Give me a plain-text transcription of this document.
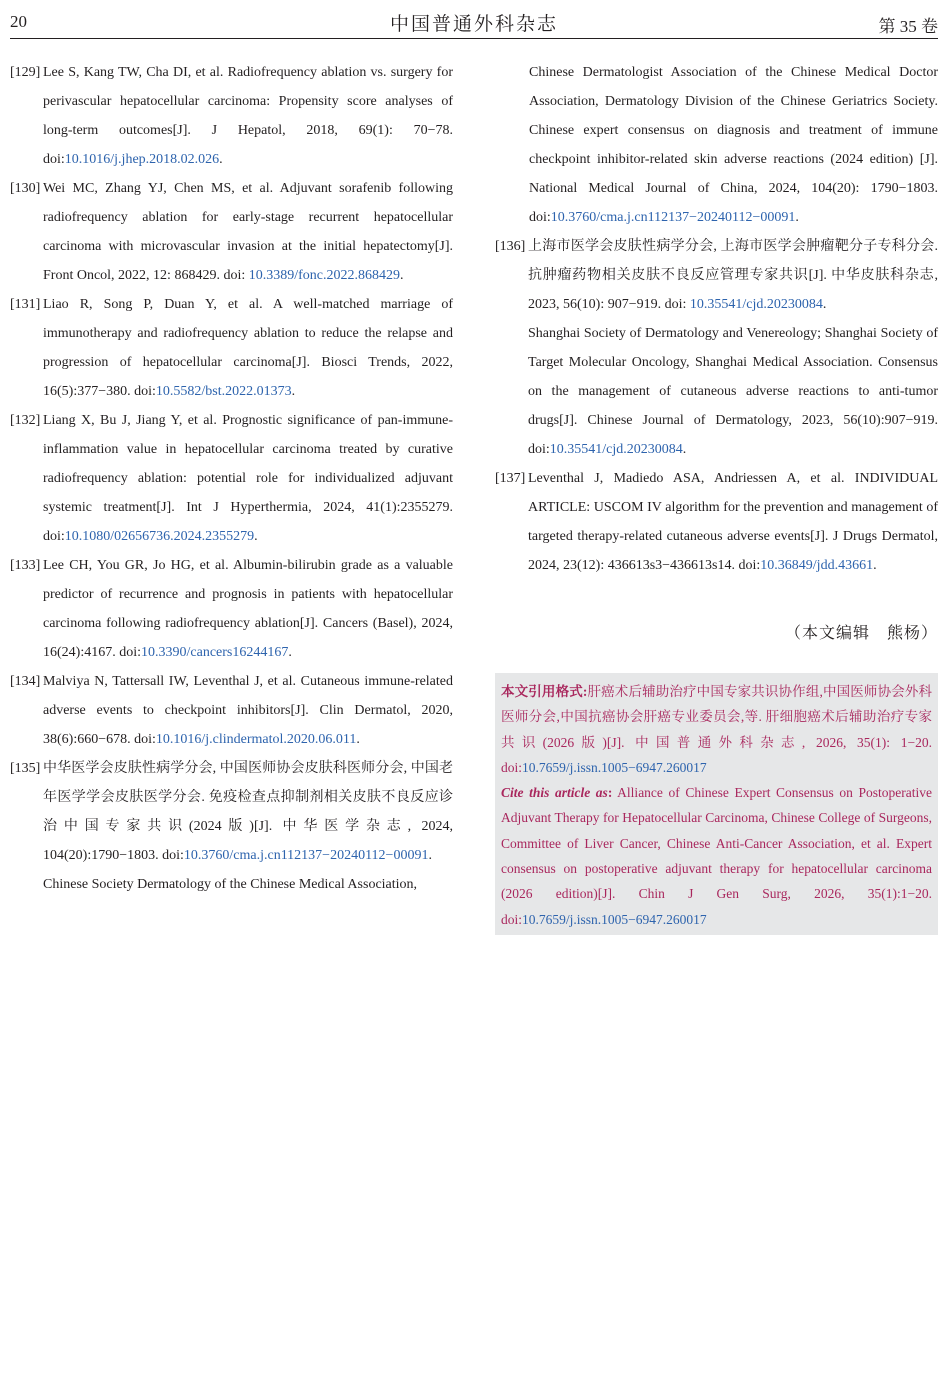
20	中国普通外科杂志	第 35 卷
[129] Lee S, Kang TW, Cha DI, et al. Radiofrequency ablation vs. surgery for perivascular hepatocellular carcinoma: Propensity score analyses of long-term outcomes[J]. J Hepatol, 2018, 69(1): 70−78. doi:10.1016/j.jhep.2018.02.026.
[130] Wei MC, Zhang YJ, Chen MS, et al. Adjuvant sorafenib following radiofrequency ablation for early-stage recurrent hepatocellular carcinoma with microvascular invasion at the initial hepatectomy[J]. Front Oncol, 2022, 12: 868429. doi: 10.3389/fonc.2022.868429.
[131] Liao R, Song P, Duan Y, et al. A well-matched marriage of immunotherapy and radiofrequency ablation to reduce the relapse and progression of hepatocellular carcinoma[J]. Biosci Trends, 2022, 16(5):377−380. doi:10.5582/bst.2022.01373.
[132] Liang X, Bu J, Jiang Y, et al. Prognostic significance of pan-immune-inflammation value in hepatocellular carcinoma treated by curative radiofrequency ablation: potential role for individualized adjuvant systemic treatment[J]. Int J Hyperthermia, 2024, 41(1):2355279. doi:10.1080/02656736.2024.2355279.
[133] Lee CH, You GR, Jo HG, et al. Albumin-bilirubin grade as a valuable predictor of recurrence and prognosis in patients with hepatocellular carcinoma following radiofrequency ablation[J]. Cancers (Basel), 2024, 16(24):4167. doi:10.3390/cancers16244167.
[134] Malviya N, Tattersall IW, Leventhal J, et al. Cutaneous immune-related adverse events to checkpoint inhibitors[J]. Clin Dermatol, 2020, 38(6):660−678. doi:10.1016/j.clindermatol.2020.06.011.
[135] 中华医学会皮肤性病学分会, 中国医师协会皮肤科医师分会, 中国老年医学学会皮肤医学分会. 免疫检查点抑制剂相关皮肤不良反应诊治中国专家共识(2024版)[J]. 中华医学杂志, 2024, 104(20):1790−1803. doi:10.3760/cma.j.cn112137−20240112−00091.
Chinese Society Dermatology of the Chinese Medical Association,
Chinese Dermatologist Association of the Chinese Medical Doctor Association, Dermatology Division of the Chinese Geriatrics Society. Chinese expert consensus on diagnosis and treatment of immune checkpoint inhibitor-related skin adverse reactions (2024 edition) [J]. National Medical Journal of China, 2024, 104(20): 1790−1803. doi:10.3760/cma.j.cn112137−20240112−00091.
[136] 上海市医学会皮肤性病学分会, 上海市医学会肿瘤靶分子专科分会. 抗肿瘤药物相关皮肤不良反应管理专家共识[J]. 中华皮肤科杂志, 2023, 56(10): 907−919. doi: 10.35541/cjd.20230084.
Shanghai Society of Dermatology and Venereology; Shanghai Society of Target Molecular Oncology, Shanghai Medical Association. Consensus on the management of cutaneous adverse reactions to anti-tumor drugs[J]. Chinese Journal of Dermatology, 2023, 56(10):907−919. doi:10.35541/cjd.20230084.
[137] Leventhal J, Madiedo ASA, Andriessen A, et al. INDIVIDUAL ARTICLE: USCOM IV algorithm for the prevention and management of targeted therapy-related cutaneous adverse events[J]. J Drugs Dermatol, 2024, 23(12): 436613s3−436613s14. doi:10.36849/jdd.43661.
（本文编辑　熊杨）
本文引用格式:肝癌术后辅助治疗中国专家共识协作组,中国医师协会外科医师分会,中国抗癌协会肝癌专业委员会,等. 肝细胞癌术后辅助治疗专家共识(2026版)[J]. 中国普通外科杂志, 2026, 35(1): 1−20. doi:10.7659/j.issn.1005−6947.260017
Cite this article as: Alliance of Chinese Expert Consensus on Postoperative Adjuvant Therapy for Hepatocellular Carcinoma, Chinese College of Surgeons, Committee of Liver Cancer, Chinese Anti-Cancer Association, et al. Expert consensus on postoperative adjuvant therapy for hepatocellular carcinoma (2026 edition)[J]. Chin J Gen Surg, 2026, 35(1):1−20. doi:10.7659/j.issn.1005−6947.260017
